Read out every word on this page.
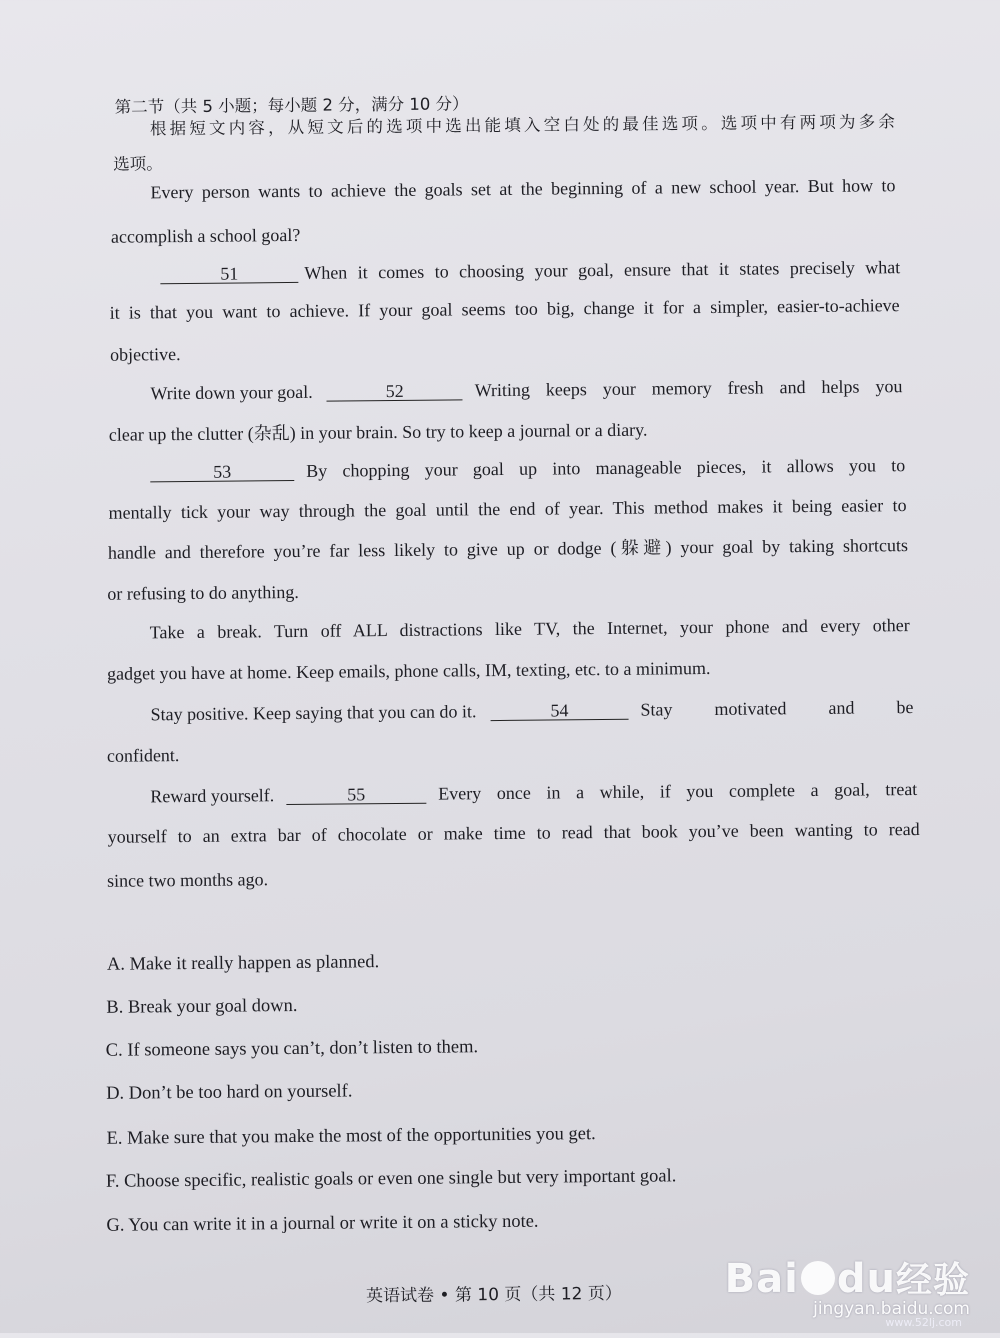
第二节（共 5 小题；每小题 2 分，满分 10 分）
根据短文内容，从短文后的选项中选出能填入空白处的最佳选项。选项中有两项为多余
选项。
Every person wants to achieve the goals set at the beginning of a new school year. But how to
accomplish a school goal?
51	When it comes to choosing your goal, ensure that it states precisely what
it is that you want to achieve. If your goal seems too big, change it for a simpler, easier-to-achieve
objective.
Write down your goal.	52	Writing keeps your memory fresh and helps you
clear up the clutter (杂乱) in your brain. So try to keep a journal or a diary.
53	By chopping your goal up into manageable pieces, it allows you to
mentally tick your way through the goal until the end of year. This method makes it being easier to
handle and therefore you’re far less likely to give up or dodge (躲避) your goal by taking shortcuts
or refusing to do anything.
Take a break. Turn off ALL distractions like TV, the Internet, your phone and every other
gadget you have at home. Keep emails, phone calls, IM, texting, etc. to a minimum.
Stay positive. Keep saying that you can do it.	54	Stay motivated and be
confident.
Reward yourself.	55	Every once in a while, if you complete a goal, treat
yourself to an extra bar of chocolate or make time to read that book you’ve been wanting to read
since two months ago.
A. Make it really happen as planned.
B. Break your goal down.
C. If someone says you can’t, don’t listen to them.
D. Don’t be too hard on yourself.
E. Make sure that you make the most of the opportunities you get.
F. Choose specific, realistic goals or even one single but very important goal.
G. You can write it in a journal or write it on a sticky note.
英语试卷 • 第 10 页（共 12 页）	Bai du经验
jingyan.baidu.com
www.52lj.com
